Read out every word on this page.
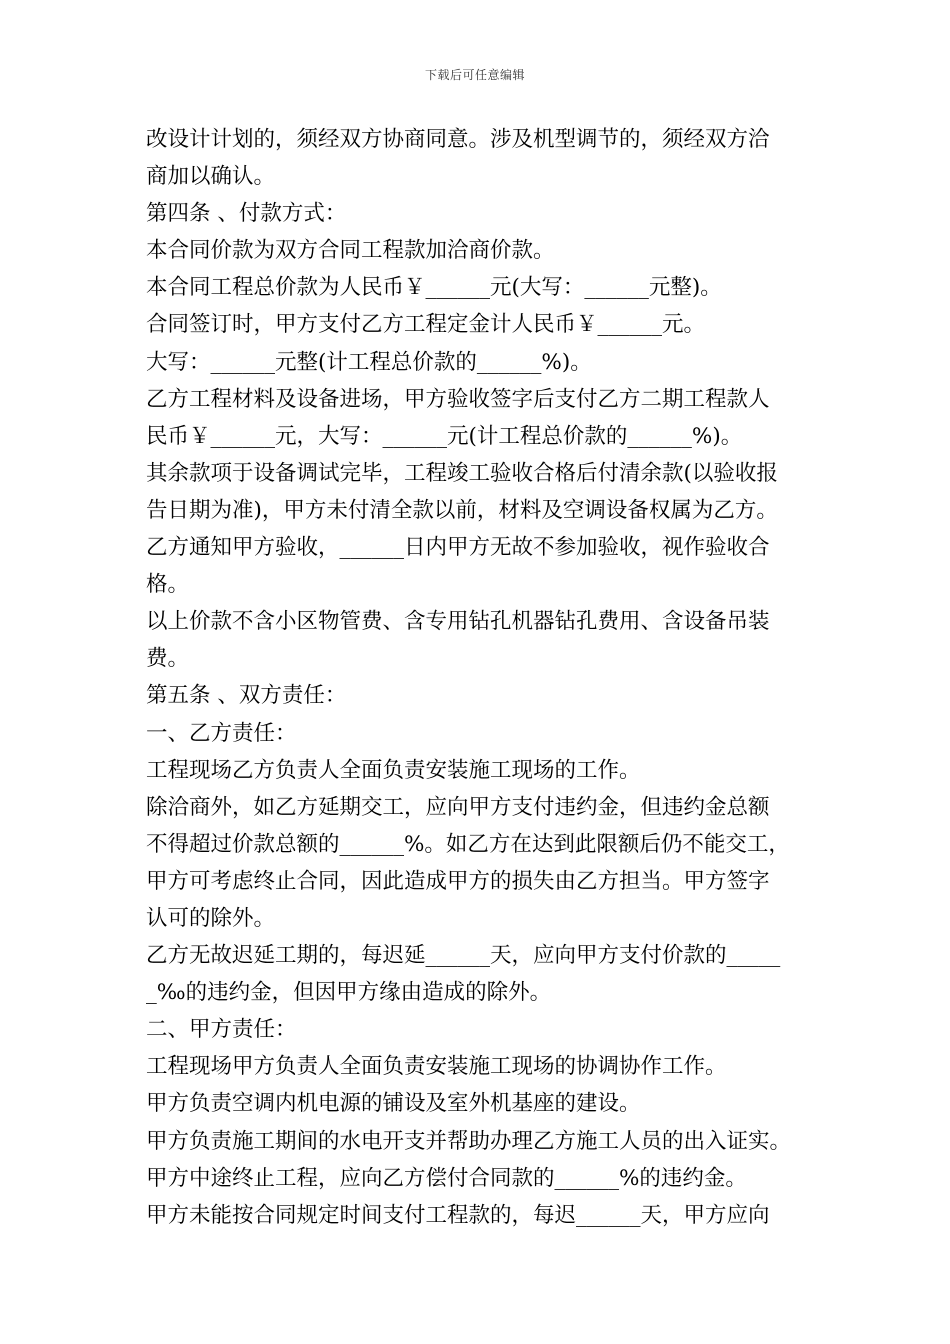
下载后可任意编辑
改设计计划的，须经双方协商同意。涉及机型调节的，须经双方洽
商加以确认。
第四条 、付款方式：
本合同价款为双方合同工程款加洽商价款。
本合同工程总价款为人民币￥______元(大写：______元整)。
合同签订时，甲方支付乙方工程定金计人民币￥______元。
大写：______元整(计工程总价款的______%)。
乙方工程材料及设备进场，甲方验收签字后支付乙方二期工程款人
民币￥______元，大写：______元(计工程总价款的______%)。
其余款项于设备调试完毕，工程竣工验收合格后付清余款(以验收报
告日期为准)，甲方未付清全款以前，材料及空调设备权属为乙方。
乙方通知甲方验收，______日内甲方无故不参加验收，视作验收合
格。
以上价款不含小区物管费、含专用钻孔机器钻孔费用、含设备吊装
费。
第五条 、双方责任：
一、乙方责任：
工程现场乙方负责人全面负责安装施工现场的工作。
除洽商外，如乙方延期交工，应向甲方支付违约金，但违约金总额
不得超过价款总额的______%。如乙方在达到此限额后仍不能交工，
甲方可考虑终止合同，因此造成甲方的损失由乙方担当。甲方签字
认可的除外。
乙方无故迟延工期的，每迟延______天，应向甲方支付价款的_____
_‰的违约金，但因甲方缘由造成的除外。
二、甲方责任：
工程现场甲方负责人全面负责安装施工现场的协调协作工作。
甲方负责空调内机电源的铺设及室外机基座的建设。
甲方负责施工期间的水电开支并帮助办理乙方施工人员的出入证实。
甲方中途终止工程，应向乙方偿付合同款的______%的违约金。
甲方未能按合同规定时间支付工程款的，每迟______天，甲方应向
